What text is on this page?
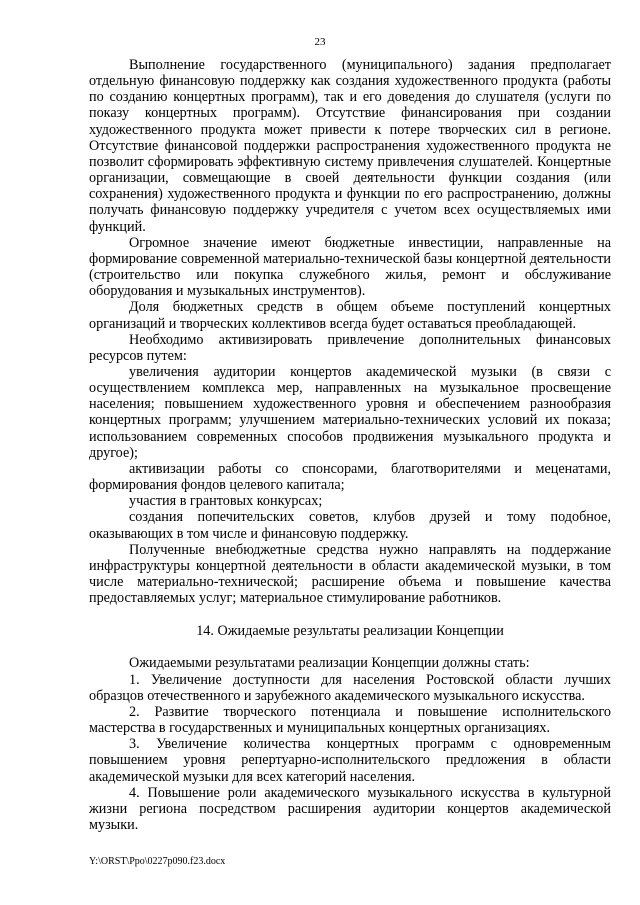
23

Выполнение государственного (муниципального) задания предполагает отдельную финансовую поддержку как создания художественного продукта (работы по созданию концертных программ), так и его доведения до слушателя (услуги по показу концертных программ). Отсутствие финансирования при создании художественного продукта может привести к потере творческих сил в регионе. Отсутствие финансовой поддержки распространения художественного продукта не позволит сформировать эффективную систему привлечения слушателей. Концертные организации, совмещающие в своей деятельности функции создания (или сохранения) художественного продукта и функции по его распространению, должны получать финансовую поддержку учредителя с учетом всех осуществляемых ими функций.

Огромное значение имеют бюджетные инвестиции, направленные на формирование современной материально-технической базы концертной деятельности (строительство или покупка служебного жилья, ремонт и обслуживание оборудования и музыкальных инструментов).

Доля бюджетных средств в общем объеме поступлений концертных организаций и творческих коллективов всегда будет оставаться преобладающей.

Необходимо активизировать привлечение дополнительных финансовых ресурсов путем:

увеличения аудитории концертов академической музыки (в связи с осуществлением комплекса мер, направленных на музыкальное просвещение населения; повышением художественного уровня и обеспечением разнообразия концертных программ; улучшением материально-технических условий их показа; использованием современных способов продвижения музыкального продукта и другое);

активизации работы со спонсорами, благотворителями и меценатами, формирования фондов целевого капитала;

участия в грантовых конкурсах;

создания попечительских советов, клубов друзей и тому подобное, оказывающих в том числе и финансовую поддержку.

Полученные внебюджетные средства нужно направлять на поддержание инфраструктуры концертной деятельности в области академической музыки, в том числе материально-технической; расширение объема и повышение качества предоставляемых услуг; материальное стимулирование работников.

14. Ожидаемые результаты реализации Концепции

Ожидаемыми результатами реализации Концепции должны стать:

1. Увеличение доступности для населения Ростовской области лучших образцов отечественного и зарубежного академического музыкального искусства.

2. Развитие творческого потенциала и повышение исполнительского мастерства в государственных и муниципальных концертных организациях.

3. Увеличение количества концертных программ с одновременным повышением уровня репертуарно-исполнительского предложения в области академической музыки для всех категорий населения.

4. Повышение роли академического музыкального искусства в культурной жизни региона посредством расширения аудитории концертов академической музыки.

Y:\ORST\Ppo\0227p090.f23.docx
